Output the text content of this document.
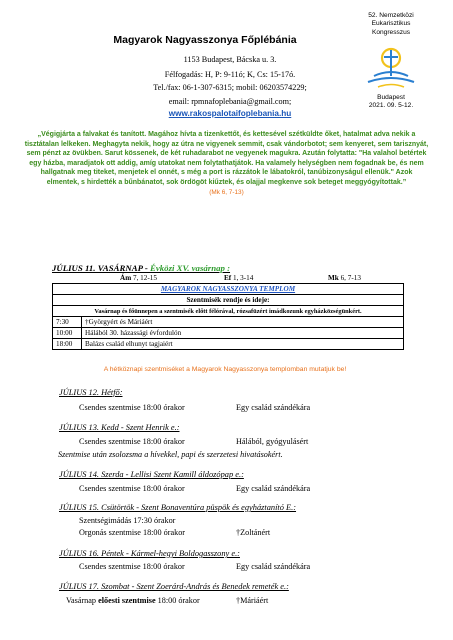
Magyarok Nagyasszonya Főplébánia
1153 Budapest, Bácska u. 3.
Félfogadás: H, P: 9-11ó; K, Cs: 15-17ó.
Tel./fax: 06-1-307-6315; mobil: 06203574229;
email: rpmnafoplebania@gmail.com;
www.rakospalotaifoplebania.hu
52. Nemzetközi
Eukarisztikus
Kongresszus
Budapest
2021. 09. 5-12.
„Végigjárta a falvakat és tanított. Magához hívta a tizenkettőt, és kettesével szétküldte őket, hatalmat adva nekik a tisztátalan lelkeken. Meghagyta nekik, hogy az útra ne vigyenek semmit, csak vándorbotot; sem kenyeret, sem tarisznyát, sem pénzt az övükben. Sarut kössenek, de két ruhadarabot ne vegyenek magukra. Azután folytatta: "Ha valahol betértek egy házba, maradjatok ott addig, amíg utatokat nem folytathatjátok. Ha valamely helységben nem fogadnak be, és nem hallgatnak meg titeket, menjetek el onnét, s még a port is rázzátok le lábatokról, tanúbizonyságul ellenük." Azok elmentek, s hirdették a bűnbánatot, sok ördögöt kiűztek, és olajjal megkenve sok beteget meggyógyítottak.”
(Mk 6, 7-13)
JÚLIUS 11. VASÁRNAP - Évközi XV. vasárnap :
Ám 7, 12-15	Ef 1, 3-14	Mk 6, 7-13
MAGYAROK NAGYASSZONYA TEMPLOM	
Szentmisék rendje és ideje:	
Vasárnap és főünnepen a szentmisék előtt félórával, rózsafüzért imádkozunk egyházközségünkért.	
7:30	†Györgyért és Máriáért
10:00	Hálából 30. házassági évfordulón
18:00	Balázs család elhunyt tagjaiért
A hétköznapi szentmiséket a Magyarok Nagyasszonya templomban mutatjuk be!
JÚLIUS 12. Hétfő:
Csendes szentmise 18:00 órakor	Egy család szándékára
JÚLIUS 13. Kedd - Szent Henrik e.:
Csendes szentmise 18:00 órakor	Hálából, gyógyulásért
Szentmise után zsolozsma a hívekkel, papi és szerzetesi hivatásokért.
JÚLIUS 14. Szerda - Lellisi Szent Kamill áldozópap e.:
Csendes szentmise 18:00 órakor	Egy család szándékára
JÚLIUS 15. Csütörtök - Szent Bonaventúra püspök és egyháztanító E.:
Szentségimádás 17:30 órakor
Orgonás szentmise 18:00 órakor	†Zoltánért
JÚLIUS 16. Péntek - Kármel-hegyi Boldogasszony e.:
Csendes szentmise 18:00 órakor	Egy család szándékára
JÚLIUS 17. Szombat - Szent Zoerárd-András és Benedek remeték e.:
Vasárnap előesti szentmise 18:00 órakor	†Máriáért
